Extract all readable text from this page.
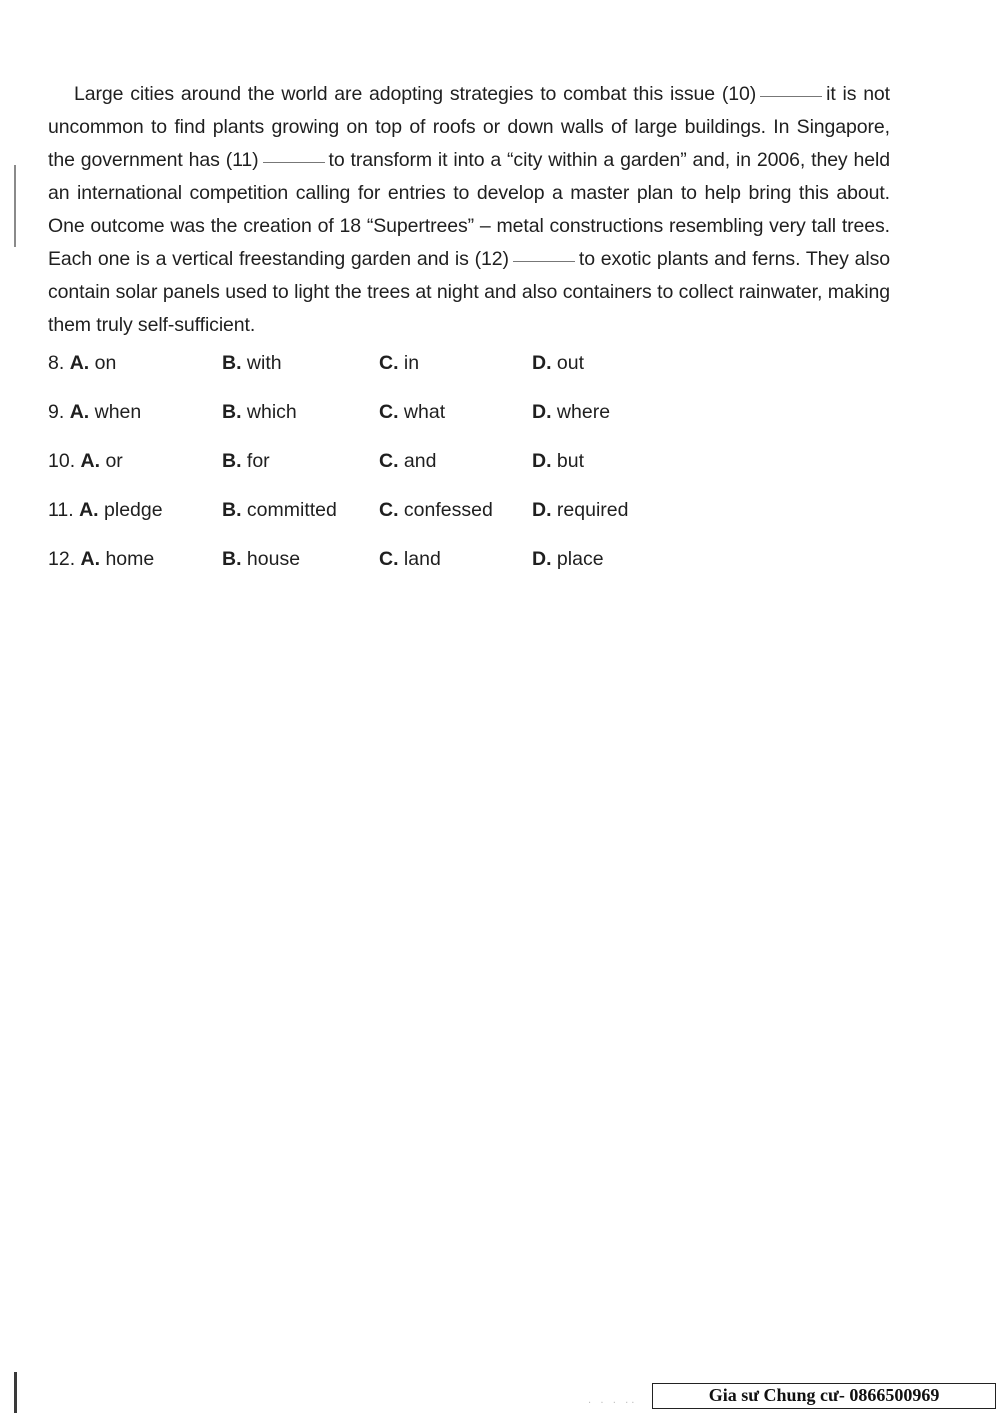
Large cities around the world are adopting strategies to combat this issue (10)	it is not uncommon to find plants growing on top of roofs or down walls of large buildings. In Singapore, the government has (11)	to transform it into a “city within a garden” and, in 2006, they held an international competition calling for entries to develop a master plan to help bring this about. One outcome was the creation of 18 “Supertrees” – metal constructions resembling very tall trees. Each one is a vertical freestanding garden and is (12)	to exotic plants and ferns. They also contain solar panels used to light the trees at night and also containers to collect rainwater, making them truly self-sufficient.
8. A. on	B. with	C. in	D. out
9. A. when	B. which	C. what	D. where
10. A. or	B. for	C. and	D. but
11. A. pledge	B. committed C. confessed D. required
12. A. home	B. house	C. land	D. place
· · · ··	Gia sư Chung cư- 0866500969
